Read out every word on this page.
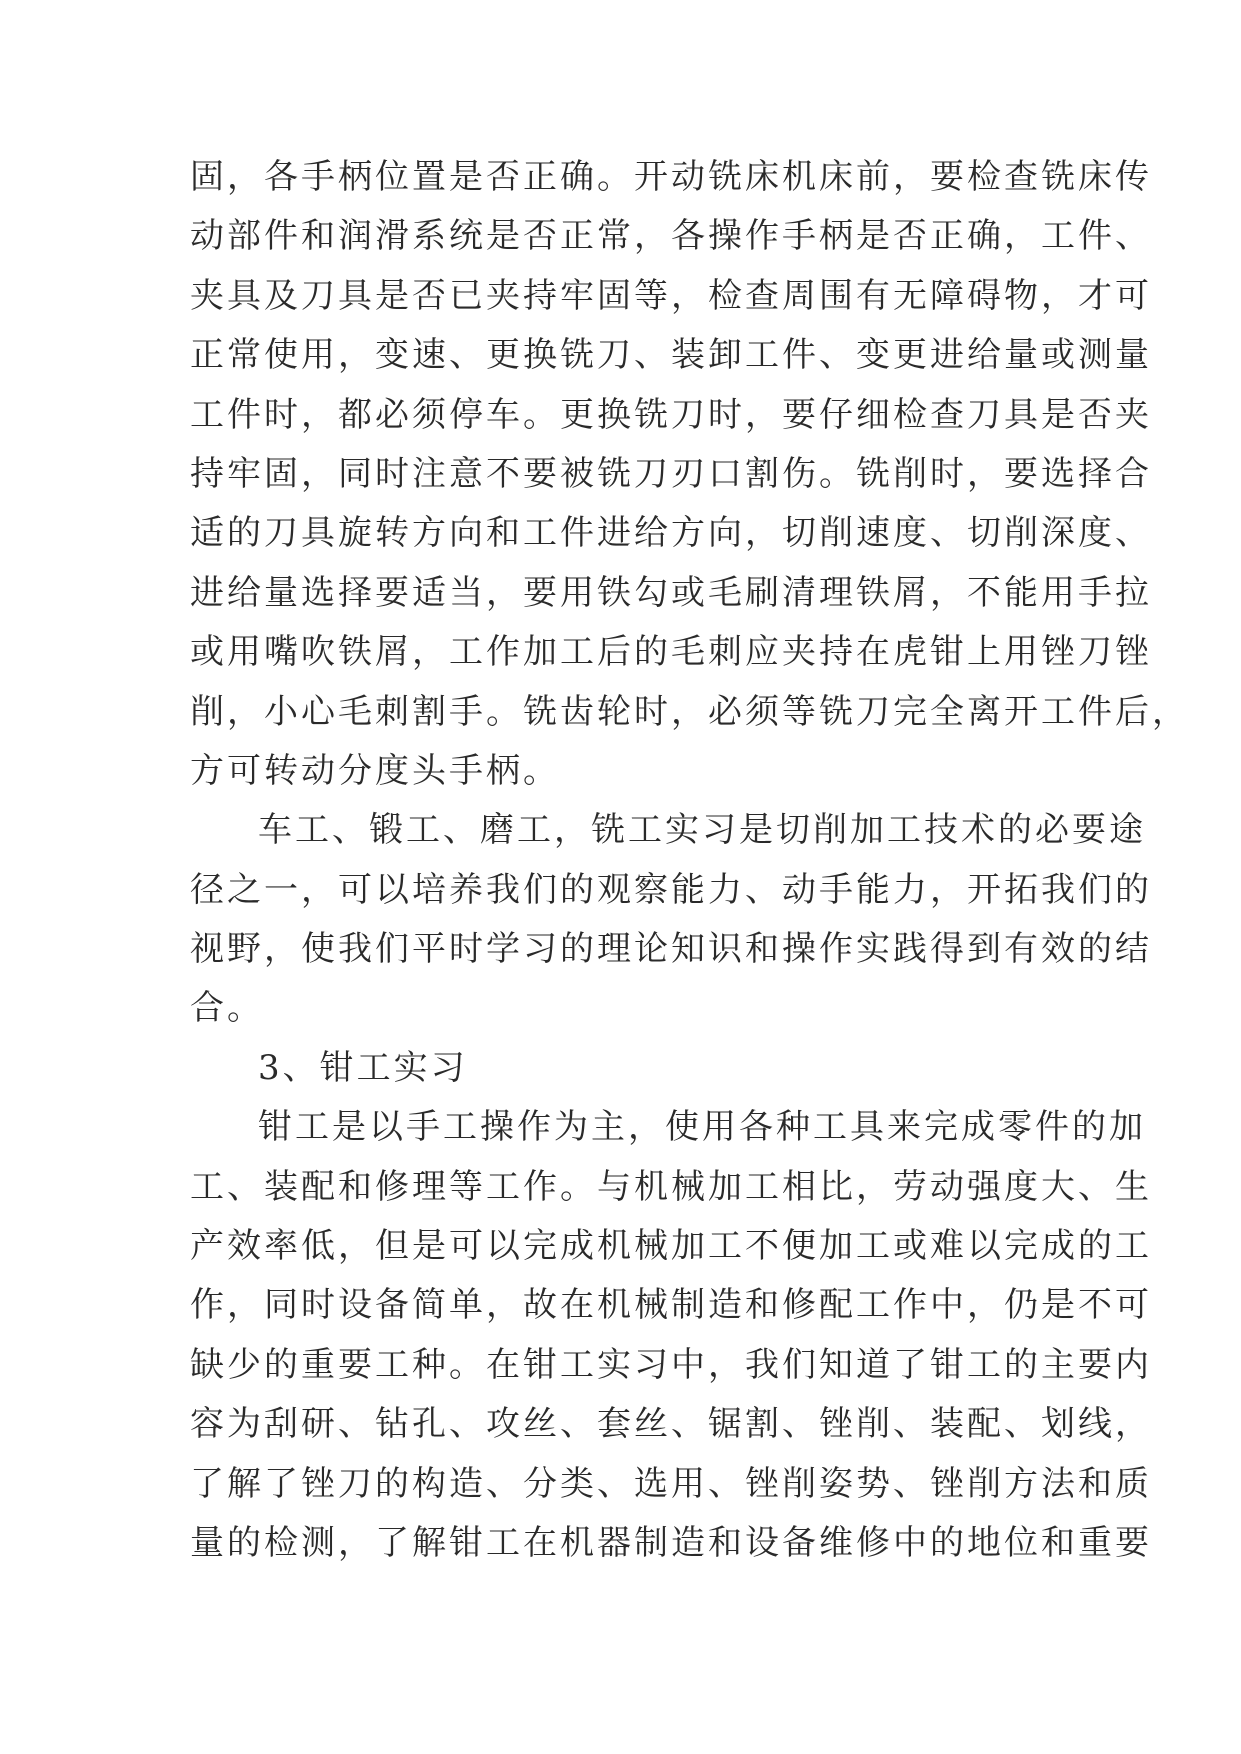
固，各手柄位置是否正确。开动铣床机床前，要检查铣床传
动部件和润滑系统是否正常，各操作手柄是否正确，工件、
夹具及刀具是否已夹持牢固等，检查周围有无障碍物，才可
正常使用，变速、更换铣刀、装卸工件、变更进给量或测量
工件时，都必须停车。更换铣刀时，要仔细检查刀具是否夹
持牢固，同时注意不要被铣刀刃口割伤。铣削时，要选择合
适的刀具旋转方向和工件进给方向，切削速度、切削深度、
进给量选择要适当，要用铁勾或毛刷清理铁屑，不能用手拉
或用嘴吹铁屑，工作加工后的毛刺应夹持在虎钳上用锉刀锉
削，小心毛刺割手。铣齿轮时，必须等铣刀完全离开工件后，
方可转动分度头手柄。
车工、锻工、磨工，铣工实习是切削加工技术的必要途
径之一，可以培养我们的观察能力、动手能力，开拓我们的
视野，使我们平时学习的理论知识和操作实践得到有效的结
合。
3、钳工实习
钳工是以手工操作为主，使用各种工具来完成零件的加
工、装配和修理等工作。与机械加工相比，劳动强度大、生
产效率低，但是可以完成机械加工不便加工或难以完成的工
作，同时设备简单，故在机械制造和修配工作中，仍是不可
缺少的重要工种。在钳工实习中，我们知道了钳工的主要内
容为刮研、钻孔、攻丝、套丝、锯割、锉削、装配、划线，
了解了锉刀的构造、分类、选用、锉削姿势、锉削方法和质
量的检测，了解钳工在机器制造和设备维修中的地位和重要
